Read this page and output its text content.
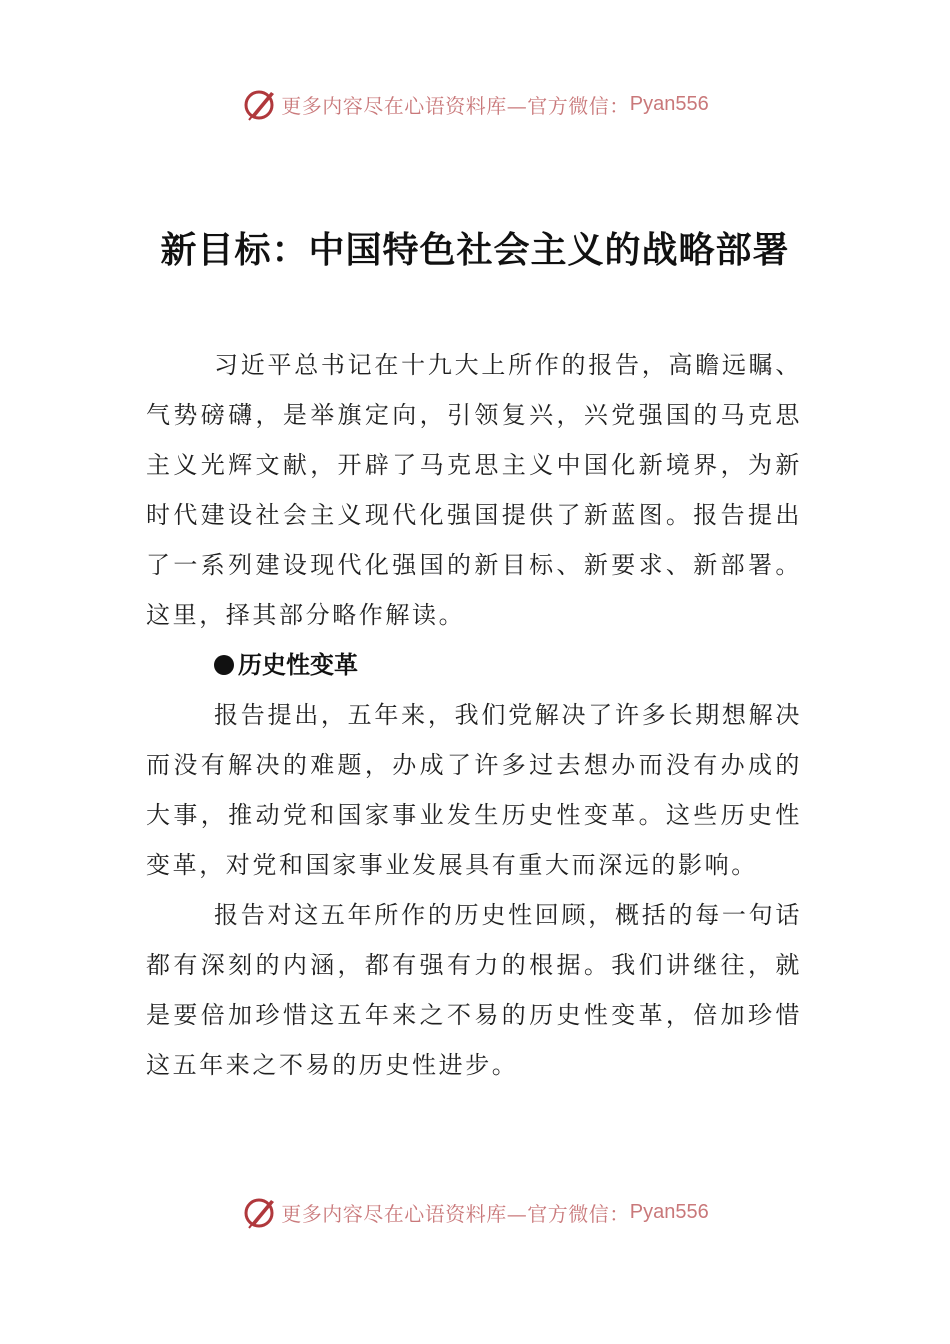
更多内容尽在心语资料库—官方微信： Pyan556
新目标：中国特色社会主义的战略部署

习近平总书记在十九大上所作的报告，高瞻远瞩、气势磅礴，是举旗定向，引领复兴，兴党强国的马克思主义光辉文献，开辟了马克思主义中国化新境界，为新时代建设社会主义现代化强国提供了新蓝图。报告提出了一系列建设现代化强国的新目标、新要求、新部署。这里，择其部分略作解读。

历史性变革

报告提出，五年来，我们党解决了许多长期想解决而没有解决的难题，办成了许多过去想办而没有办成的大事，推动党和国家事业发生历史性变革。这些历史性变革，对党和国家事业发展具有重大而深远的影响。

报告对这五年所作的历史性回顾，概括的每一句话都有深刻的内涵，都有强有力的根据。我们讲继往，就是要倍加珍惜这五年来之不易的历史性变革，倍加珍惜这五年来之不易的历史性进步。

更多内容尽在心语资料库—官方微信： Pyan556
